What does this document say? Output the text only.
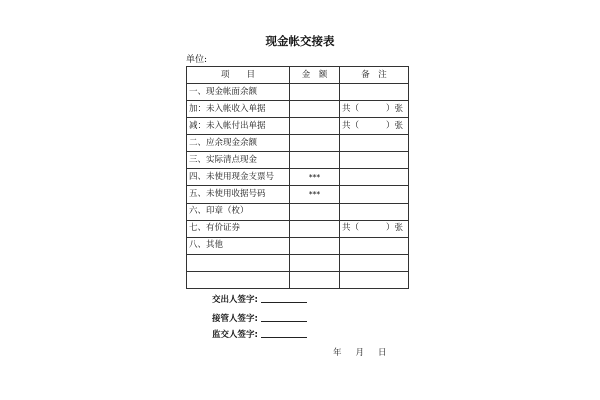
现金帐交接表
单位:
项　　目	金　额	备　注
一、现金帐面余额		
加：未入帐收入单据		共（ ）张
减：未入帐付出单据		共（ ）张
二、应余现金余额		
三、实际清点现金		
四、未使用现金支票号	***	
五、未使用收据号码	***	
六、印章（枚）		
七、有价证券		共（ ）张
八、其他		

交出人签字:
接管人签字:
监交人签字:
年 月 日
